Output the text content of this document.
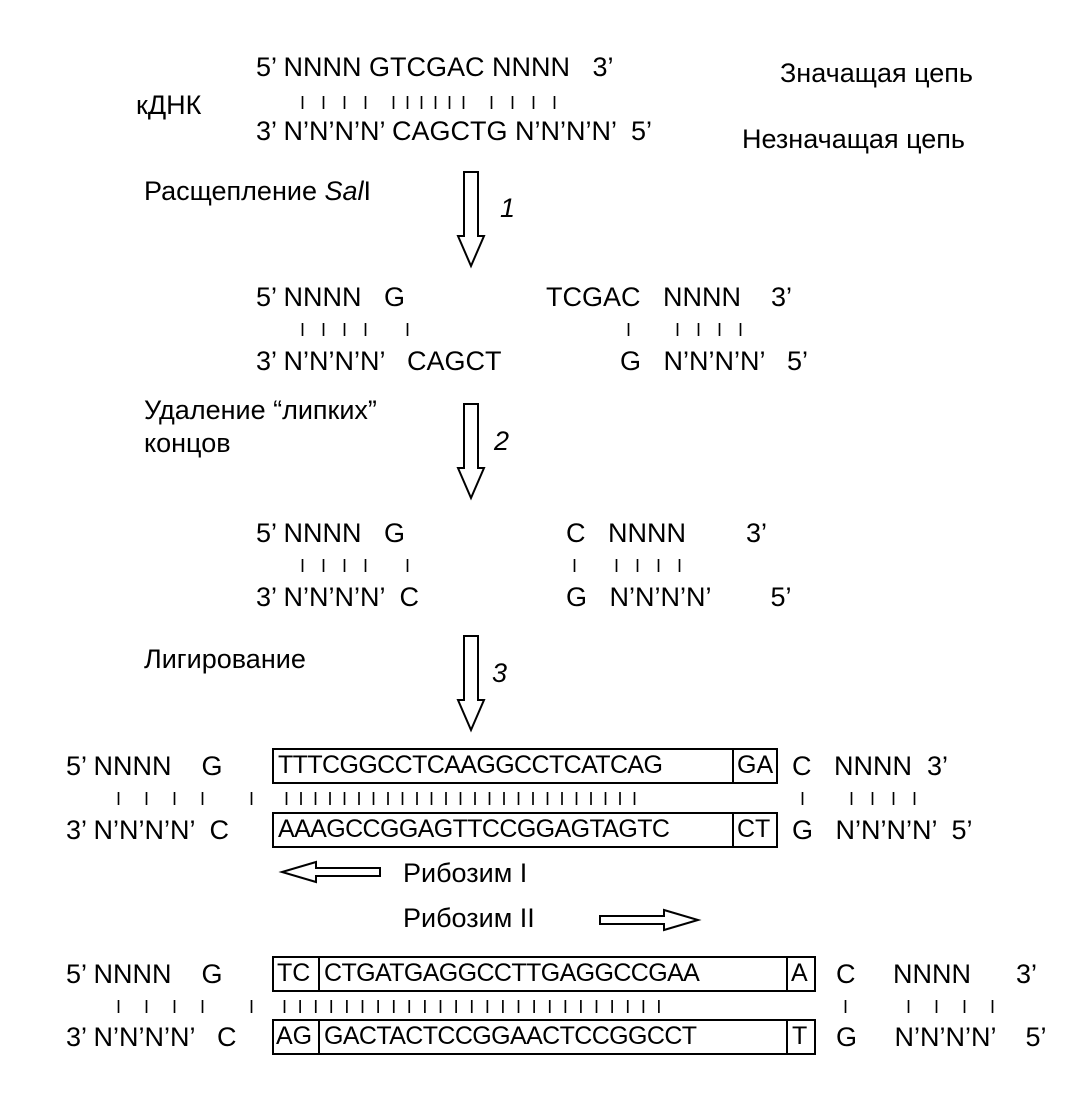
5’ NNNN GTCGAC NNNN   3’	Значащая цепь
кДНК	I  I  I  I   I I I I I I   I  I  I  I
3’ N’N’N’N’ CAGCTG N’N’N’N’  5’	Незначащая цепь
Расщепление SalI
1
5’ NNNN   G	TCGAC   NNNN    3’
I  I  I  I     I	I      I  I  I  I
3’ N’N’N’N’   CAGCT	G   N’N’N’N’   5’
Удаление “липких”
концов	2
5’ NNNN   G	C   NNNN        3’
I  I  I  I     I	I     I  I  I  I
3’ N’N’N’N’  C	G   N’N’N’N’        5’
Лигирование	3
5’ NNNN    G TTTCGGCCTCAAGGCCTCATCAG	GA C   NNNN  3’
I   I   I   I      I IIIIIIIIIIIIIIIIIIIIIIIII	I      I  I  I  I
3’ N’N’N’N’  C AAAGCCGGAGTTCCGGAGTAGTC	CT G   N’N’N’N’  5’
Рибозим I
Рибозим II
5’ NNNN    G TC CTGATGAGGCCTTGAGGCCGAA	A C     NNNN      3’
I   I   I   I      I IIIIIIIIIIIIIIIIIIIIIIIII	I        I   I   I   I
3’ N’N’N’N’   C AG GACTACTCCGGAACTCCGGCCT	T G     N’N’N’N’    5’
